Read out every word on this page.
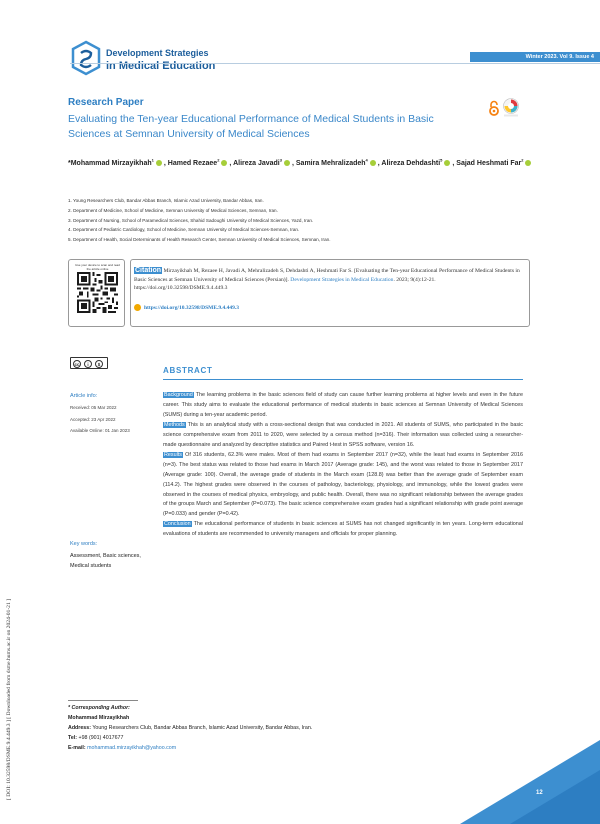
Development Strategies
in Medical Education
Winter 2023. Vol 9. Issue 4
Research Paper
Evaluating the Ten-year Educational Performance of Medical Students in Basic Sciences at Semnan University of Medical Sciences
*Mohammad Mirzayikhah$^1$ , Hamed Rezaee$^2$ , Alireza Javadi$^3$ , Samira Mehralizadeh$^4$ , Alireza Dehdashti$^5$ , Sajad Heshmati Far$^2$
1. Young Researchers Club, Bandar Abbas Branch, Islamic Azad University, Bandar Abbas, Iran.
2. Department of Medicine, School of Medicine, Semnan University of Medical Sciences, Semnan, Iran.
3. Department of Nursing, School of Paramedical Sciences, Shahid Sadoughi University of Medical Sciences, Yazd, Iran.
4. Department of Pediatric Cardiology, School of Medicine, Semnan University of Medical Sciences-Semnan, Iran.
5. Department of Health, Social Determinants of Health Research Center, Semnan University of Medical Sciences, Semnan, Iran.
Use your device to scan and read the article online	Citation Mirzayikhah M, Rezaee H, Javadi A, Mehralizadeh S, Dehdashti A, Heshmati Far S. [Evaluating the Ten-year Educational Performance of Medical Students in Basic Sciences at Semnan University of Medical Sciences (Persian)]. Development Strategies in Medical Education. 2023; 9(4):12-21. https://doi.org/10.32598/DSME.9.4.449.3
https://doi.org/10.32598/DSME.9.4.449.3
cc	i	$
ABSTRACT
Article info:
Received: 05 Mar 2022
Accepted: 23 Apr 2022
Available Online: 01 Jan 2023
Key words:
Assessment, Basic sciences, Medical students

Background The learning problems in the basic sciences field of study can cause further learning problems at higher levels and even in the future career. This study aims to evaluate the educational performance of medical students in basic sciences at Semnan University of Medical Sciences (SUMS) during a ten-year academic period.

Methods This is an analytical study with a cross-sectional design that was conducted in 2021. All students of SUMS, who participated in the basic science comprehensive exam from 2011 to 2020, were selected by a census method (n=316). Their information was collected using a researcher-made questionnaire and analyzed by descriptive statistics and Paired t-test in SPSS software, version 16.

Results Of 316 students, 62.3% were males. Most of them had exams in September 2017 (n=32), while the least had exams in September 2016 (n=3). The best status was related to those had exams in March 2017 (Average grade: 145), and the worst was related to those in September 2017 (Average grade: 100). Overall, the average grade of students in the March exam (128.8) was better than the average grade of September exam (114.2). The highest grades were observed in the courses of pathology, bacteriology, physiology, and immunology, while the lowest grades were observed in the courses of medical physics, embryology, and public health. Overall, there was no significant relationship between the average grades of the groups March and September (P=0.073). The basic science comprehensive exam grades had a significant relationship with grade point average (P=0.033) and gender (P=0.42).

Conclusion The educational performance of students in basic sciences at SUMS has not changed significantly in ten years. Long-term educational evaluations of students are recommended to university managers and officials for proper planning.

[ DOI: 10.32598/DSME.9.4.449.3 ] [ Downloaded from dsme.hums.ac.ir on 2024-01-21 ]	* Corresponding Author:
Mohammad Mirzayikhah
Address: Young Researchers Club, Bandar Abbas Branch, Islamic Azad University, Bandar Abbas, Iran.
Tel: +98 (901) 4017677
E-mail: mohammad.mirzayikhah@yahoo.com
12
